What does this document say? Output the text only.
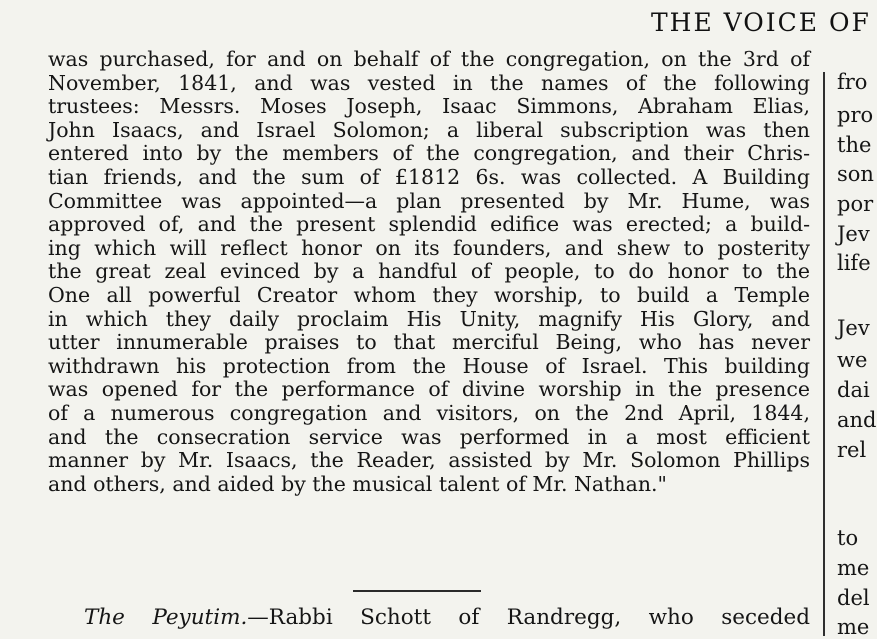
THE VOICE OF
was purchased, for and on behalf of the congregation, on the 3rd of
November, 1841, and was vested in the names of the following
trustees: Messrs. Moses Joseph, Isaac Simmons, Abraham Elias,
John Isaacs, and Israel Solomon; a liberal subscription was then
entered into by the members of the congregation, and their Chris-
tian friends, and the sum of £1812 6s. was collected. A Building
Committee was appointed—a plan presented by Mr. Hume, was
approved of, and the present splendid edifice was erected; a build-
ing which will reflect honor on its founders, and shew to posterity
the great zeal evinced by a handful of people, to do honor to the
One all powerful Creator whom they worship, to build a Temple
in which they daily proclaim His Unity, magnify His Glory, and
utter innumerable praises to that merciful Being, who has never
withdrawn his protection from the House of Israel. This building
was opened for the performance of divine worship in the presence
of a numerous congregation and visitors, on the 2nd April, 1844,
and the consecration service was performed in a most efficient
manner by Mr. Isaacs, the Reader, assisted by Mr. Solomon Phillips
and others, and aided by the musical talent of Mr. Nathan."
The Peyutim.—Rabbi Schott of Randregg, who seceded
fro
pro
the
son
por
Jev
life
Jev
we
dai
and
rel
to
me
del
me
